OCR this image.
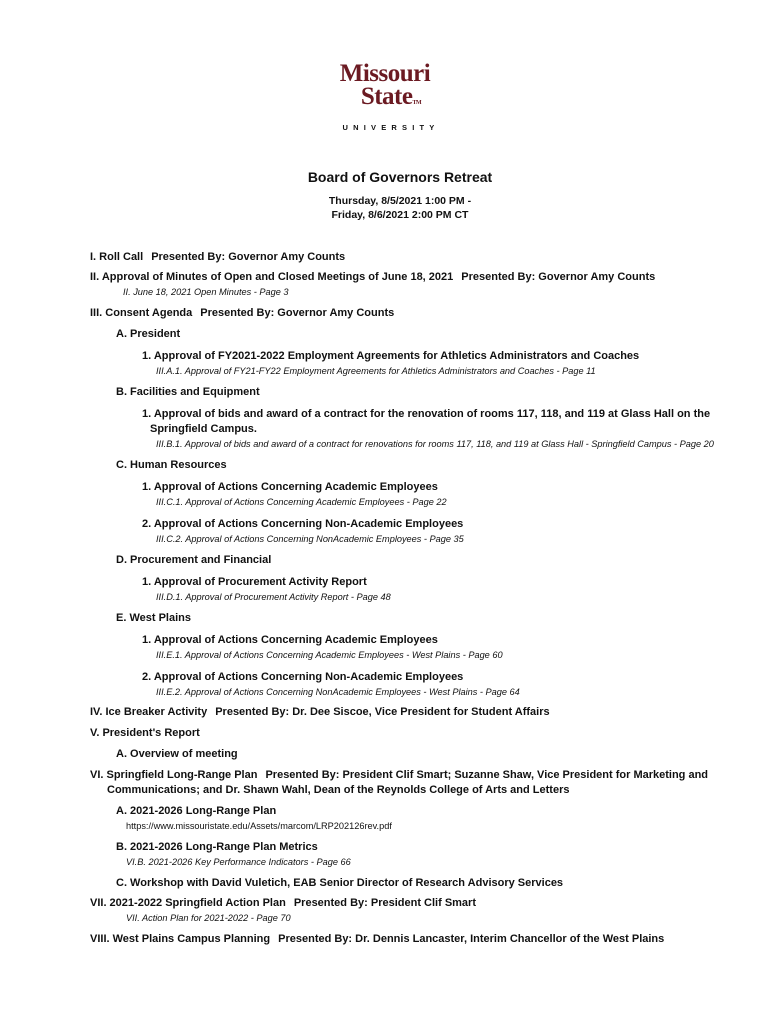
Missouri
StateTM
UNIVERSITY
Board of Governors Retreat
Thursday, 8/5/2021 1:00 PM -
Friday, 8/6/2021 2:00 PM CT
I. Roll Call Presented By: Governor Amy Counts
II. Approval of Minutes of Open and Closed Meetings of June 18, 2021 Presented By: Governor Amy Counts
II. June 18, 2021 Open Minutes - Page 3
III. Consent Agenda Presented By: Governor Amy Counts
A. President
1. Approval of FY2021-2022 Employment Agreements for Athletics Administrators and Coaches
III.A.1. Approval of FY21-FY22 Employment Agreements for Athletics Administrators and Coaches - Page 11
B. Facilities and Equipment
1. Approval of bids and award of a contract for the renovation of rooms 117, 118, and 119 at Glass Hall on the Springfield Campus.
III.B.1. Approval of bids and award of a contract for renovations for rooms 117, 118, and 119 at Glass Hall - Springfield Campus - Page 20
C. Human Resources
1. Approval of Actions Concerning Academic Employees
III.C.1. Approval of Actions Concerning Academic Employees - Page 22
2. Approval of Actions Concerning Non-Academic Employees
III.C.2. Approval of Actions Concerning NonAcademic Employees - Page 35
D. Procurement and Financial
1. Approval of Procurement Activity Report
III.D.1. Approval of Procurement Activity Report - Page 48
E. West Plains
1. Approval of Actions Concerning Academic Employees
III.E.1. Approval of Actions Concerning Academic Employees - West Plains - Page 60
2. Approval of Actions Concerning Non-Academic Employees
III.E.2. Approval of Actions Concerning NonAcademic Employees - West Plains - Page 64
IV. Ice Breaker Activity Presented By: Dr. Dee Siscoe, Vice President for Student Affairs
V. President's Report
A. Overview of meeting
VI. Springfield Long-Range Plan Presented By: President Clif Smart; Suzanne Shaw, Vice President for Marketing and Communications; and Dr. Shawn Wahl, Dean of the Reynolds College of Arts and Letters
A. 2021-2026 Long-Range Plan
https://www.missouristate.edu/Assets/marcom/LRP202126rev.pdf
B. 2021-2026 Long-Range Plan Metrics
VI.B. 2021-2026 Key Performance Indicators - Page 66
C. Workshop with David Vuletich, EAB Senior Director of Research Advisory Services
VII. 2021-2022 Springfield Action Plan Presented By: President Clif Smart
VII. Action Plan for 2021-2022 - Page 70
VIII. West Plains Campus Planning Presented By: Dr. Dennis Lancaster, Interim Chancellor of the West Plains
